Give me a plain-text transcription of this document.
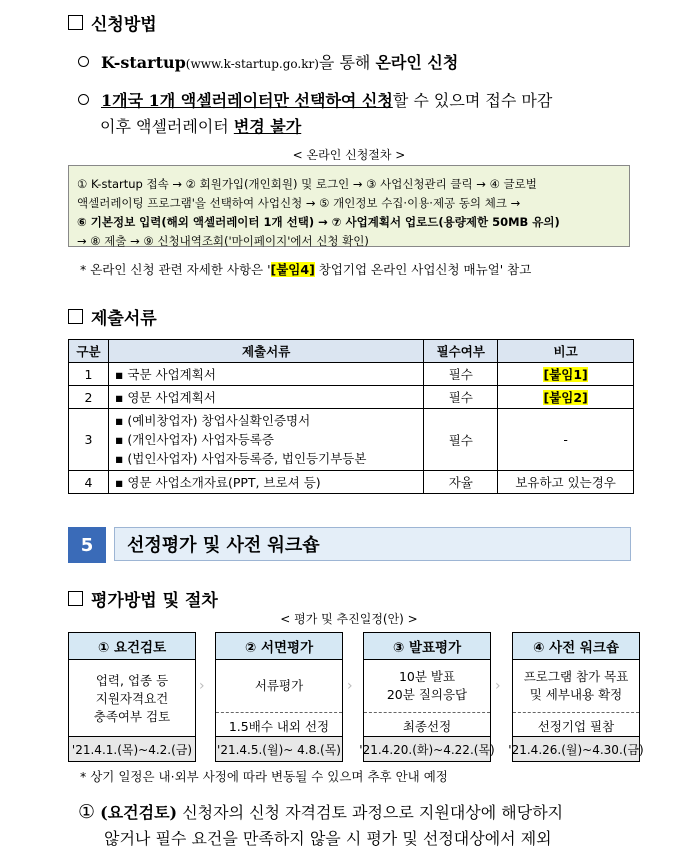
신청방법
K-startup(www.k-startup.go.kr)을 통해 온라인 신청
1개국 1개 액셀러레이터만 선택하여 신청할 수 있으며 접수 마감
이후 액셀러레이터 변경 불가
< 온라인 신청절차 >
① K-startup 접속 → ② 회원가입(개인회원) 및 로그인 → ③ 사업신청관리 클릭 → ④ 글로벌
액셀러레이팅 프로그램'을 선택하여 사업신청 → ⑤ 개인정보 수집·이용·제공 동의 체크 →
⑥ 기본정보 입력(해외 액셀러레이터 1개 선택) → ⑦ 사업계획서 업로드(용량제한 50MB 유의)
→ ⑧ 제출 → ⑨ 신청내역조회('마이페이지'에서 신청 확인)
* 온라인 신청 관련 자세한 사항은 '[붙임4] 창업기업 온라인 사업신청 매뉴얼' 참고
제출서류
구분	제출서류	필수여부	비고
1	▪ 국문 사업계획서	필수	[붙임1]
2	▪ 영문 사업계획서	필수	[붙임2]
3	▪ (예비창업자) 창업사실확인증명서
▪ (개인사업자) 사업자등록증
▪ (법인사업자) 사업자등록증, 법인등기부등본	필수	-
4	▪ 영문 사업소개자료(PPT, 브로셔 등)	자율	보유하고 있는경우
5	선정평가 및 사전 워크숍
평가방법 및 절차
< 평가 및 추진일정(안) >
① 요건검토
업력, 업종 등
지원자격요건
충족여부 검토
'21.4.1.(목)~4.2.(금)
›
② 서면평가
서류평가
1.5배수 내외 선정
'21.4.5.(월)~ 4.8.(목)
›
③ 발표평가
10분 발표
20분 질의응답
최종선정
'21.4.20.(화)~4.22.(목)
›
④ 사전 워크숍
프로그램 참가 목표
및 세부내용 확정
선정기업 필참
'21.4.26.(월)~4.30.(금)
* 상기 일정은 내·외부 사정에 따라 변동될 수 있으며 추후 안내 예정
① (요건검토) 신청자의 신청 자격검토 과정으로 지원대상에 해당하지
않거나 필수 요건을 만족하지 않을 시 평가 및 선정대상에서 제외
